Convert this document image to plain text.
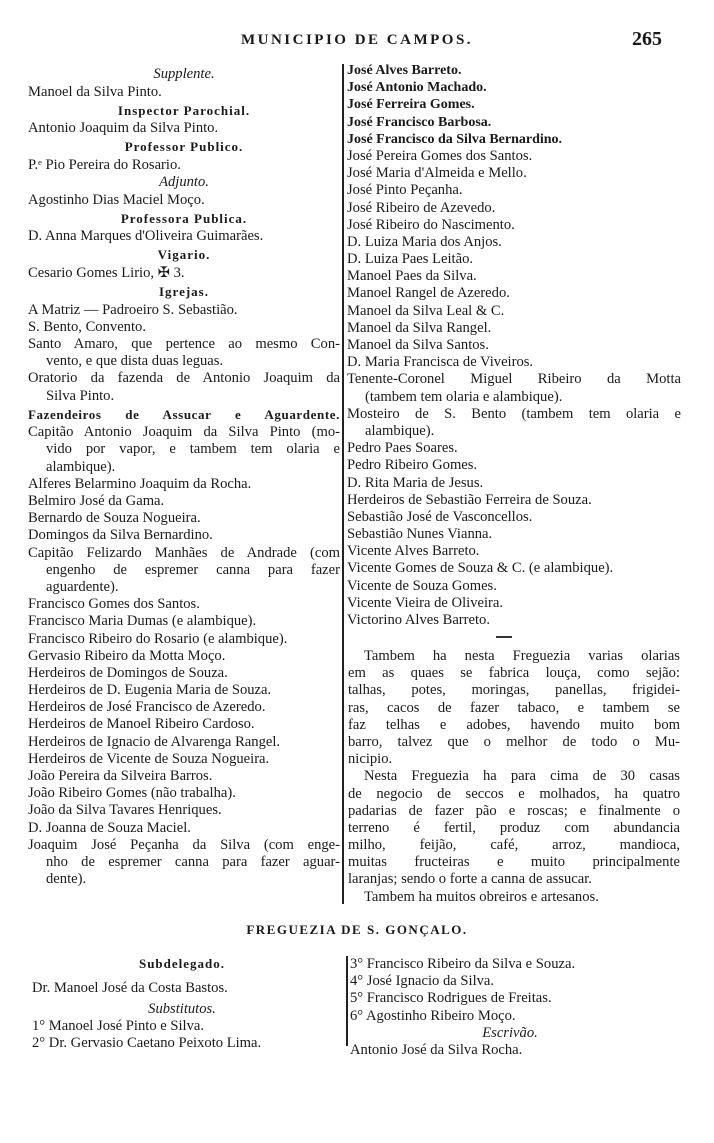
MUNICIPIO DE CAMPOS.	265
Supplente.
Manoel da Silva Pinto.
Inspector Parochial.
Antonio Joaquim da Silva Pinto.
Professor Publico.
P.ᵉ Pio Pereira do Rosario.
Adjunto.
Agostinho Dias Maciel Moço.
Professora Publica.
D. Anna Marques d'Oliveira Guimarães.
Vigario.
Cesario Gomes Lirio, ✠ 3.
Igrejas.
A Matriz — Padroeiro S. Sebastião.
S. Bento, Convento.
Santo Amaro, que pertence ao mesmo Con-
vento, e que dista duas leguas.
Oratorio da fazenda de Antonio Joaquim da
Silva Pinto.
Fazendeiros de Assucar e Aguardente.
Capitão Antonio Joaquim da Silva Pinto (mo-
vido por vapor, e tambem tem olaria e
alambique).
Alferes Belarmino Joaquim da Rocha.
Belmiro José da Gama.
Bernardo de Souza Nogueira.
Domingos da Silva Bernardino.
Capitão Felizardo Manhães de Andrade (com
engenho de espremer canna para fazer
aguardente).
Francisco Gomes dos Santos.
Francisco Maria Dumas (e alambique).
Francisco Ribeiro do Rosario (e alambique).
Gervasio Ribeiro da Motta Moço.
Herdeiros de Domingos de Souza.
Herdeiros de D. Eugenia Maria de Souza.
Herdeiros de José Francisco de Azeredo.
Herdeiros de Manoel Ribeiro Cardoso.
Herdeiros de Ignacio de Alvarenga Rangel.
Herdeiros de Vicente de Souza Nogueira.
João Pereira da Silveira Barros.
João Ribeiro Gomes (não trabalha).
João da Silva Tavares Henriques.
D. Joanna de Souza Maciel.
Joaquim José Peçanha da Silva (com enge-
nho de espremer canna para fazer aguar-
dente).
José Alves Barreto.
José Antonio Machado.
José Ferreira Gomes.
José Francisco Barbosa.
José Francisco da Silva Bernardino.
José Pereira Gomes dos Santos.
José Maria d'Almeida e Mello.
José Pinto Peçanha.
José Ribeiro de Azevedo.
José Ribeiro do Nascimento.
D. Luiza Maria dos Anjos.
D. Luiza Paes Leitão.
Manoel Paes da Silva.
Manoel Rangel de Azeredo.
Manoel da Silva Leal & C.
Manoel da Silva Rangel.
Manoel da Silva Santos.
D. Maria Francisca de Viveiros.
Tenente-Coronel Miguel Ribeiro da Motta
(tambem tem olaria e alambique).
Mosteiro de S. Bento (tambem tem olaria e
alambique).
Pedro Paes Soares.
Pedro Ribeiro Gomes.
D. Rita Maria de Jesus.
Herdeiros de Sebastião Ferreira de Souza.
Sebastião José de Vasconcellos.
Sebastião Nunes Vianna.
Vicente Alves Barreto.
Vicente Gomes de Souza & C. (e alambique).
Vicente de Souza Gomes.
Vicente Vieira de Oliveira.
Victorino Alves Barreto.
Tambem ha nesta Freguezia varias olarias
em as quaes se fabrica louça, como sejão:
talhas, potes, moringas, panellas, frigidei-
ras, cacos de fazer tabaco, e tambem se
faz telhas e adobes, havendo muito bom
barro, talvez que o melhor de todo o Mu-
nicipio.
Nesta Freguezia ha para cima de 30 casas
de negocio de seccos e molhados, ha quatro
padarias de fazer pão e roscas; e finalmente o
terreno é fertil, produz com abundancia
milho, feijão, café, arroz, mandioca,
muitas fructeiras e muito principalmente
laranjas; sendo o forte a canna de assucar.
Tambem ha muitos obreiros e artesanos.
FREGUEZIA DE S. GONÇALO.
Subdelegado.
Dr. Manoel José da Costa Bastos.
Substitutos.
1° Manoel José Pinto e Silva.
2° Dr. Gervasio Caetano Peixoto Lima.
3° Francisco Ribeiro da Silva e Souza.
4° José Ignacio da Silva.
5° Francisco Rodrigues de Freitas.
6° Agostinho Ribeiro Moço.
Escrivão.
Antonio José da Silva Rocha.
